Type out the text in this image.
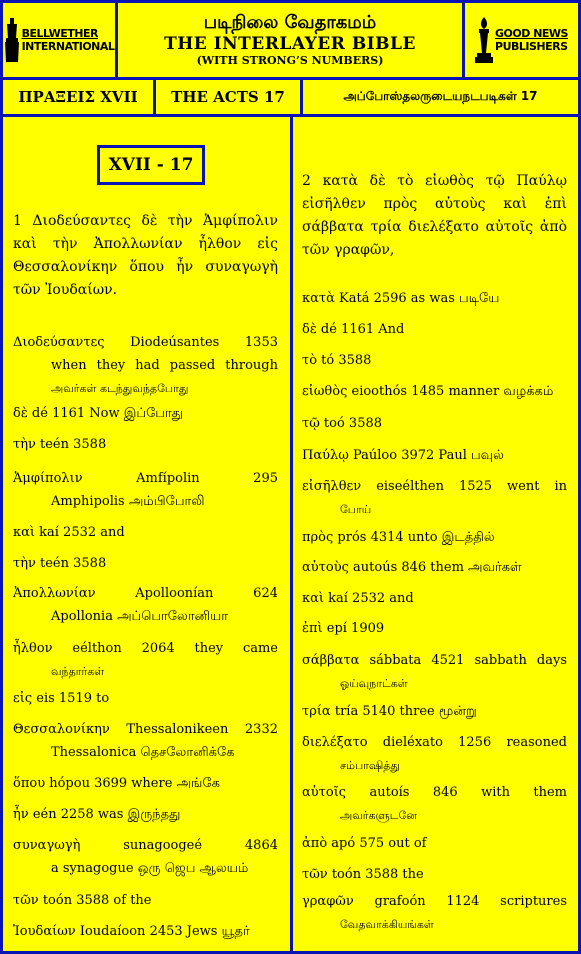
BELLWETHER
INTERNATIONAL
படிநிலை வேதாகமம்
THE INTERLAYER BIBLE
(WITH STRONG’S NUMBERS)
GOOD NEWS
PUBLISHERS
ΠΡΑΞΕΙΣ XVII THE ACTS 17	அப்போஸ்தலருடையநடபடிகள் 17
XVII - 17
1 Διοδεύσαντες δὲ τὴν Ἀμφίπολιν καὶ τὴν Ἀπολλωνίαν ἦλθον εἰς Θεσσαλονίκην ὅπου ἦν συναγωγὴ τῶν Ἰουδαίων.
Διοδεύσαντες Diodeúsantes 1353
when they had passed through
அவர்கள் கடந்துவந்தபோது
δὲ dé 1161 Now இப்போது
τὴν teén 3588
Ἀμφίπολιν Amfípolin 295
Amphipolis அம்பிபோலி
καὶ kaí 2532 and
τὴν teén 3588
Ἀπολλωνίαν Apolloonían 624
Apollonia அப்பொலோனியா
ἦλθον eélthon 2064 they came
வந்தார்கள்
εἰς eis 1519 to
Θεσσαλονίκην Thessalonikeen 2332
Thessalonica தெசலோனிக்கே
ὅπου hópou 3699 where அங்கே
ἦν eén 2258 was இருந்தது
συναγωγὴ sunagoogeé 4864
a synagogue ஒரு ஜெப ஆலயம்
τῶν toón 3588 of the
Ἰουδαίων Ioudaíoon 2453 Jews யூதர்
2 κατὰ δὲ τὸ εἰωθὸς τῷ Παύλῳ εἰσῆλθεν πρὸς αὐτοὺς καὶ ἐπὶ σάββατα τρία διελέξατο αὐτοῖς ἀπὸ τῶν γραφῶν,
κατὰ Katá 2596 as was படியே
δὲ dé 1161 And
τὸ tó 3588
εἰωθὸς eioothós 1485 manner வழக்கம்
τῷ toó 3588
Παύλῳ Paúloo 3972 Paul பவுல்
εἰσῆλθεν eiseélthen 1525 went in
போய்
πρὸς prós 4314 unto இடத்தில்
αὐτοὺς autoús 846 them அவர்கள்
καὶ kaí 2532 and
ἐπὶ epí 1909
σάββατα sábbata 4521 sabbath days
ஓய்வுநாட்கள்
τρία tría 5140 three மூன்று
διελέξατο dieléxato 1256 reasoned
சம்பாஷித்து
αὐτοῖς autoís 846 with them
அவர்களுடனே
ἀπὸ apó 575 out of
τῶν toón 3588 the
γραφῶν grafoón 1124 scriptures
வேதவாக்கியங்கள்
